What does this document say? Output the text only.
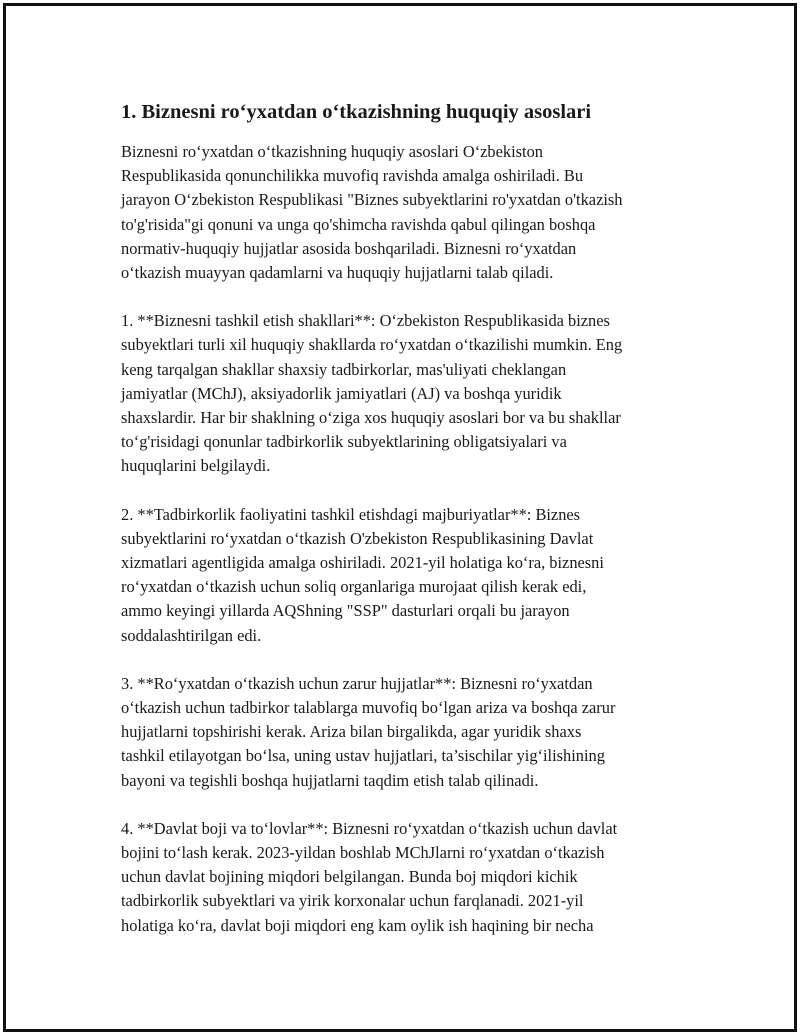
1. Biznesni ro‘yxatdan o‘tkazishning huquqiy asoslari

Biznesni ro‘yxatdan o‘tkazishning huquqiy asoslari O‘zbekiston
Respublikasida qonunchilikka muvofiq ravishda amalga oshiriladi. Bu
jarayon O‘zbekiston Respublikasi "Biznes subyektlarini ro'yxatdan o'tkazish
to'g'risida"gi qonuni va unga qo'shimcha ravishda qabul qilingan boshqa
normativ-huquqiy hujjatlar asosida boshqariladi. Biznesni ro‘yxatdan
o‘tkazish muayyan qadamlarni va huquqiy hujjatlarni talab qiladi.

1. **Biznesni tashkil etish shakllari**: O‘zbekiston Respublikasida biznes
subyektlari turli xil huquqiy shakllarda ro‘yxatdan o‘tkazilishi mumkin. Eng
keng tarqalgan shakllar shaxsiy tadbirkorlar, mas'uliyati cheklangan
jamiyatlar (MChJ), aksiyadorlik jamiyatlari (AJ) va boshqa yuridik
shaxslardir. Har bir shaklning o‘ziga xos huquqiy asoslari bor va bu shakllar
to‘g'risidagi qonunlar tadbirkorlik subyektlarining obligatsiyalari va
huquqlarini belgilaydi.

2. **Tadbirkorlik faoliyatini tashkil etishdagi majburiyatlar**: Biznes
subyektlarini ro‘yxatdan o‘tkazish O'zbekiston Respublikasining Davlat
xizmatlari agentligida amalga oshiriladi. 2021-yil holatiga ko‘ra, biznesni
ro‘yxatdan o‘tkazish uchun soliq organlariga murojaat qilish kerak edi,
ammo keyingi yillarda AQShning "SSP" dasturlari orqali bu jarayon
soddalashtirilgan edi.

3. **Ro‘yxatdan o‘tkazish uchun zarur hujjatlar**: Biznesni ro‘yxatdan
o‘tkazish uchun tadbirkor talablarga muvofiq bo‘lgan ariza va boshqa zarur
hujjatlarni topshirishi kerak. Ariza bilan birgalikda, agar yuridik shaxs
tashkil etilayotgan bo‘lsa, uning ustav hujjatlari, ta’sischilar yig‘ilishining
bayoni va tegishli boshqa hujjatlarni taqdim etish talab qilinadi.

4. **Davlat boji va to‘lovlar**: Biznesni ro‘yxatdan o‘tkazish uchun davlat
bojini to‘lash kerak. 2023-yildan boshlab MChJlarni ro‘yxatdan o‘tkazish
uchun davlat bojining miqdori belgilangan. Bunda boj miqdori kichik
tadbirkorlik subyektlari va yirik korxonalar uchun farqlanadi. 2021-yil
holatiga ko‘ra, davlat boji miqdori eng kam oylik ish haqining bir necha
